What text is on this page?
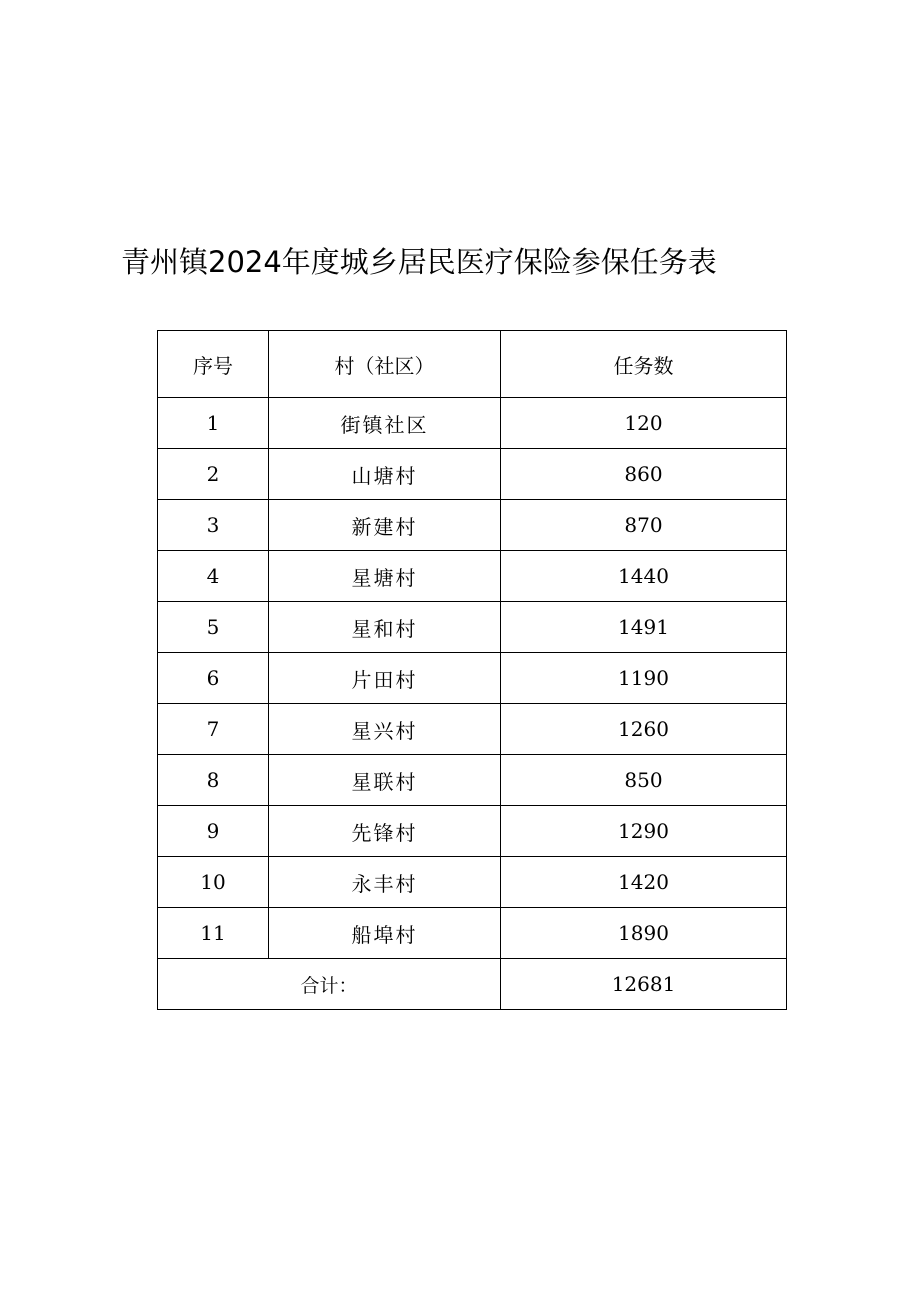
青州镇2024年度城乡居民医疗保险参保任务表
序号	村（社区）	任务数
1	街镇社区	120
2	山塘村	860
3	新建村	870
4	星塘村	1440
5	星和村	1491
6	片田村	1190
7	星兴村	1260
8	星联村	850
9	先锋村	1290
10	永丰村	1420
11	船埠村	1890
合计：		12681
